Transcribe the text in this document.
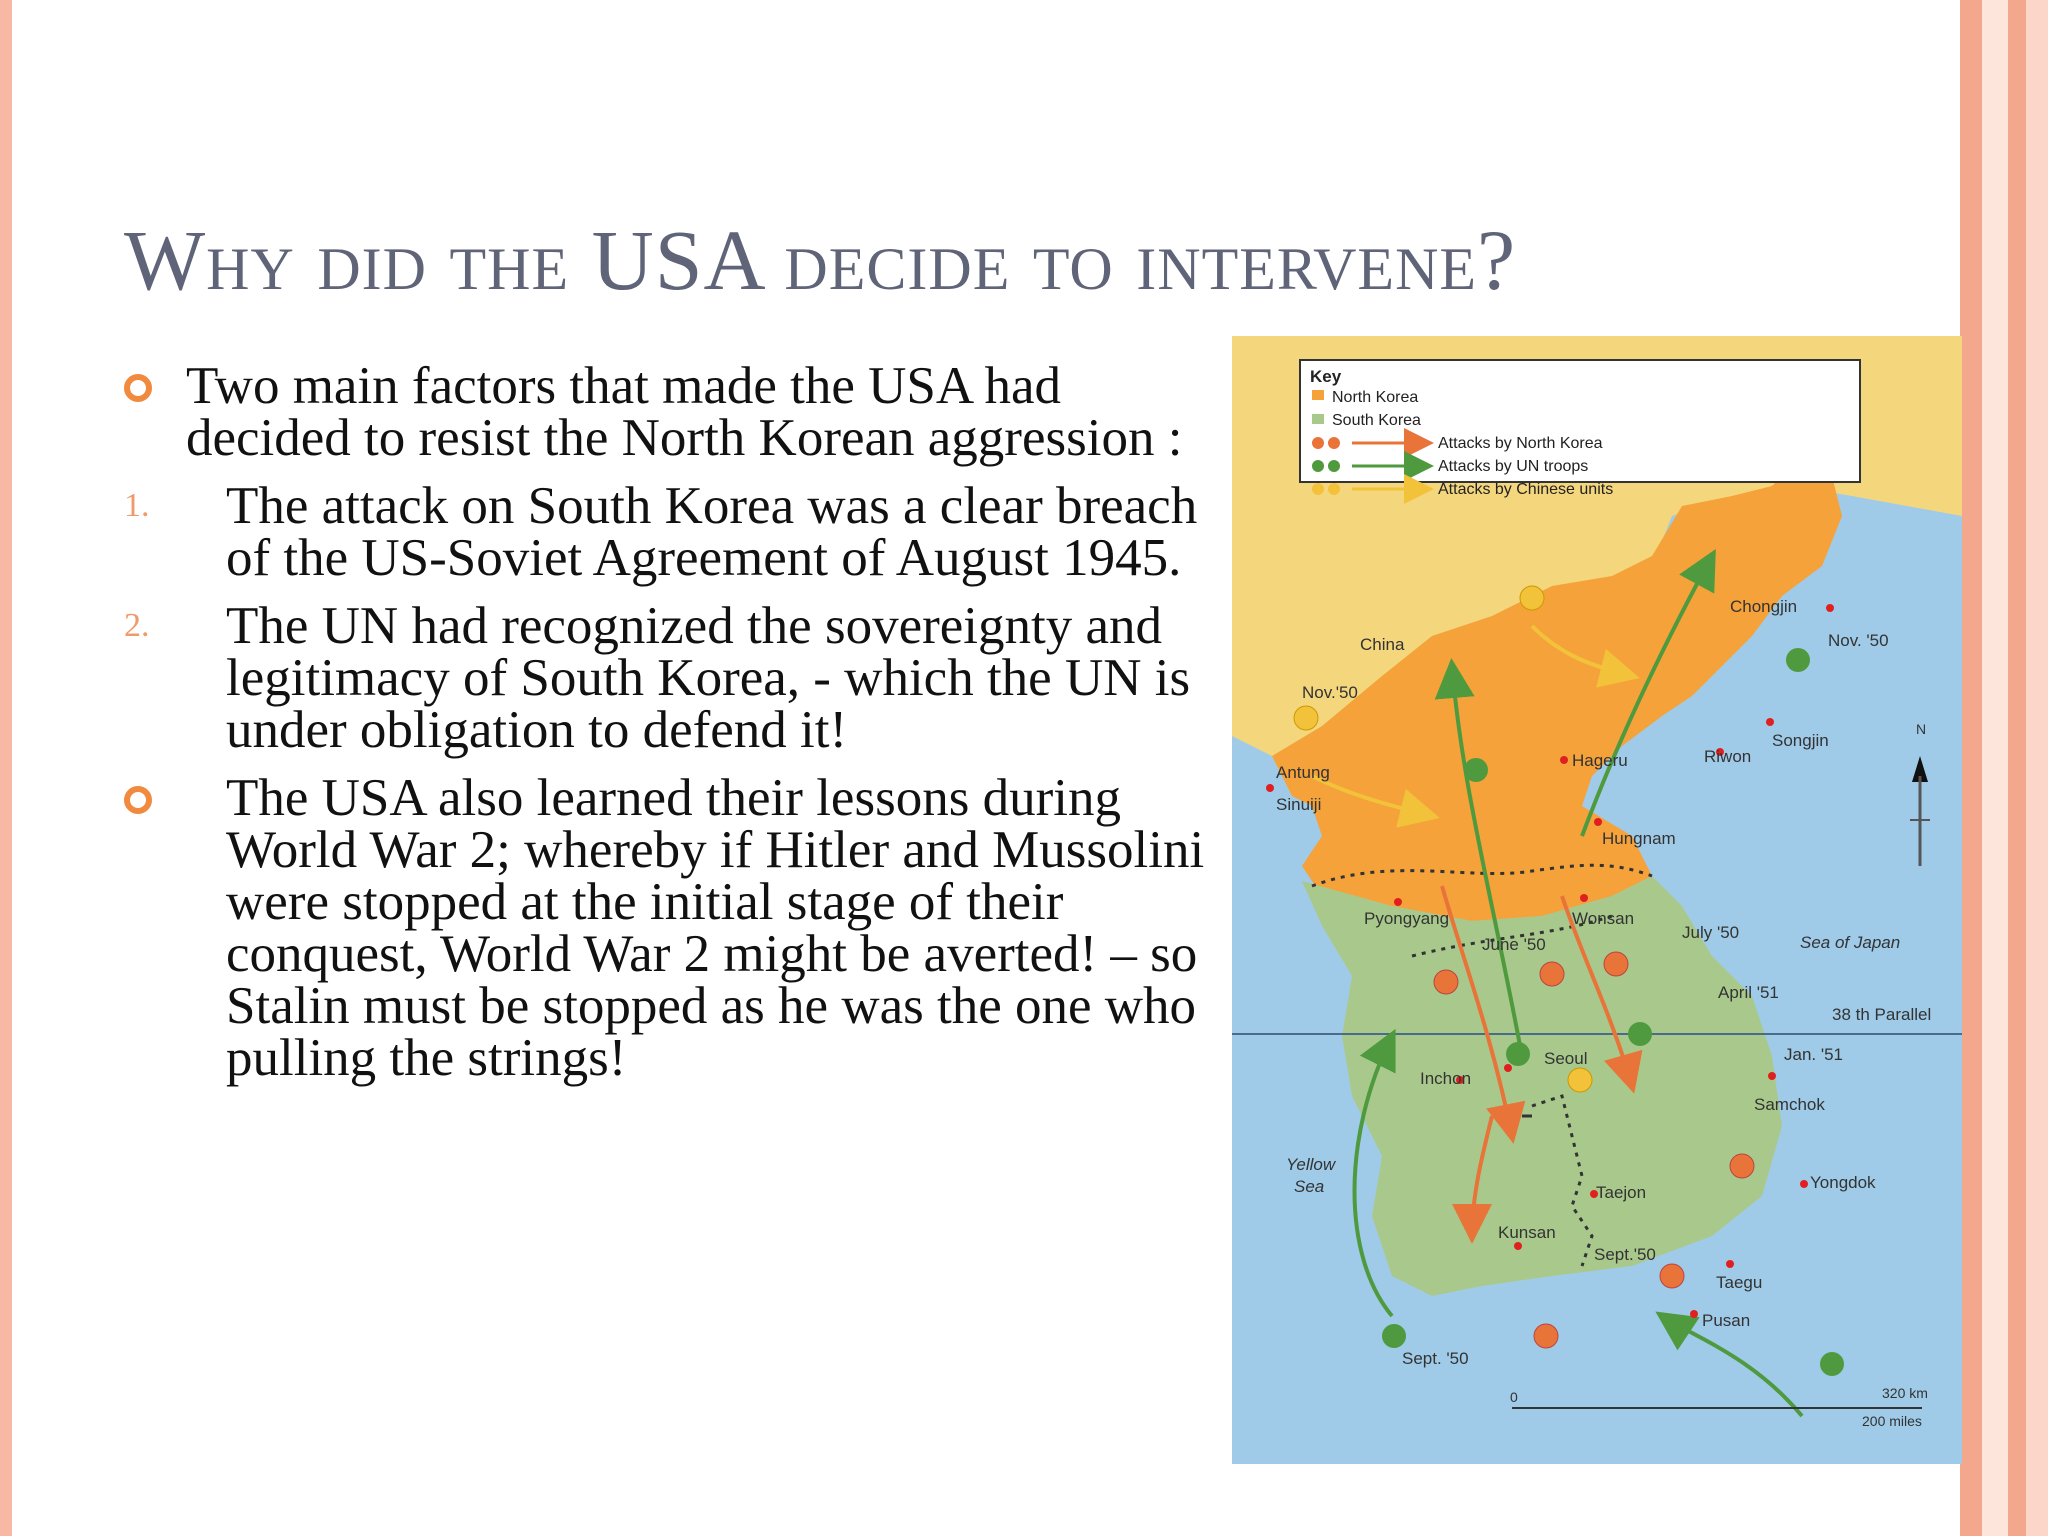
Why did the USA decide to intervene?
Two main factors that made the USA had decided to resist the North Korean aggression :
1. The attack on South Korea was a clear breach of the US-Soviet Agreement of August 1945.
2. The UN had recognized the sovereignty and legitimacy of South Korea, - which the UN is under obligation to defend it!
The USA also learned their lessons during World War 2; whereby if Hitler and Mussolini were stopped at the initial stage of their conquest, World War 2 might be averted! – so Stalin must be stopped as he was the one who pulling the strings!
Key
North Korea
South Korea
Attacks by North Korea
Attacks by UN troops
Attacks by Chinese units
China
Nov.'50
Antung
Sinuiji
Hageru	Riwon
Songjin
Chongjin
Nov. '50
Hungnam
Pyongyang	Wonsan
June '50
July '50
Sea of Japan
April '51
38 th Parallel
Jan. '51
Seoul
Inchon
Samchok
Yellow
Sea	Yongdok
Taejon
Kunsan
Sept.'50
Taegu
Pusan
Sept. '50
N
0	320 km
200 miles
